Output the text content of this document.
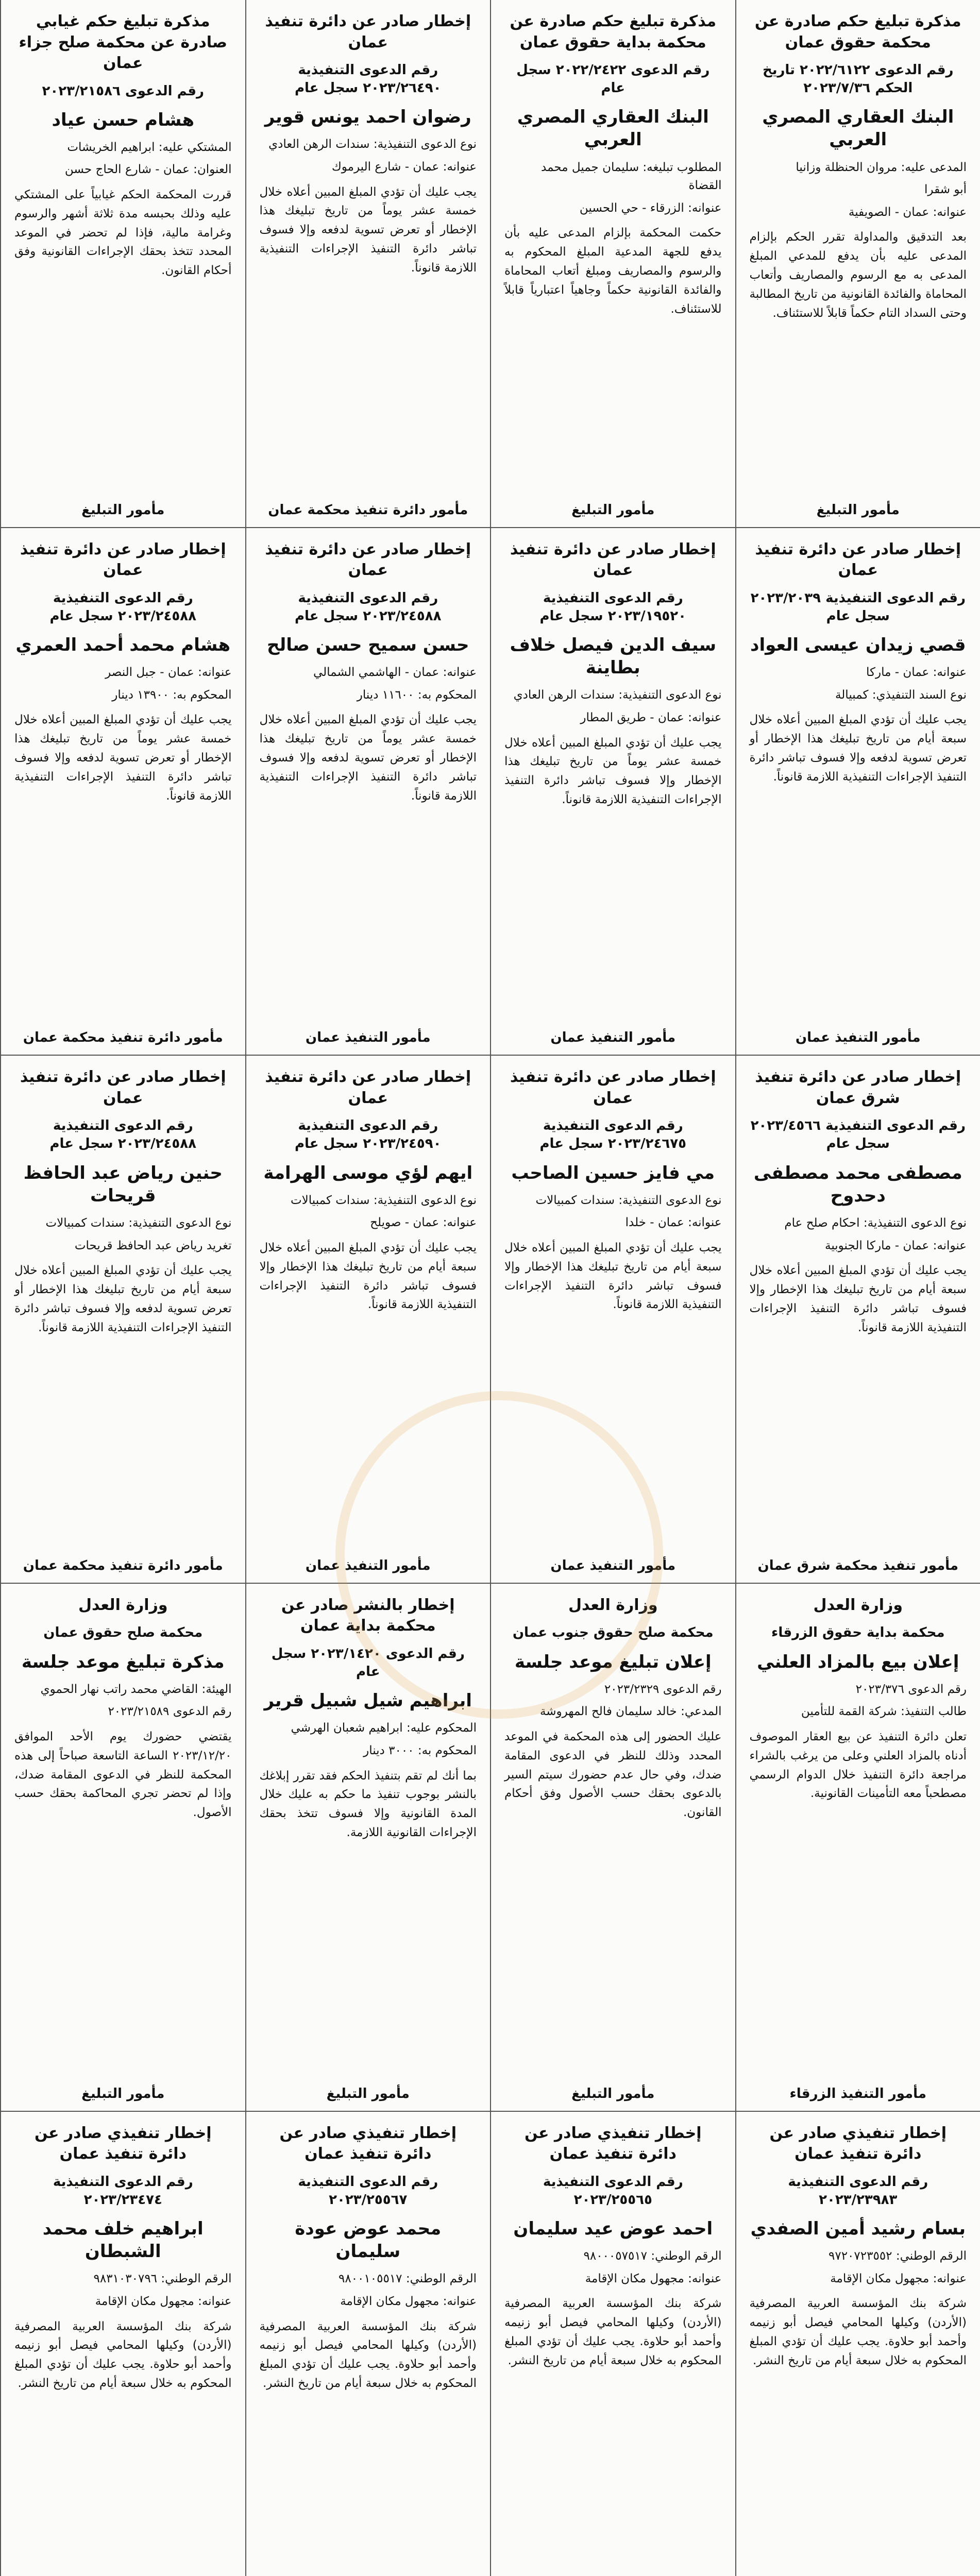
مذكرة تبليغ حكم صادرة عن محكمة حقوق عمان
رقم الدعوى ٢٠٢٢/٦١٢٢ تاريخ الحكم ٢٠٢٣/٧/٣٦
البنك العقاري المصري العربي

المدعى عليه: مروان الحنظلة وزانيا

أبو شقرا

عنوانه: عمان - الصويفية

بعد التدقيق والمداولة تقرر الحكم بإلزام المدعى عليه بأن يدفع للمدعي المبلغ المدعى به مع الرسوم والمصاريف وأتعاب المحاماة والفائدة القانونية من تاريخ المطالبة وحتى السداد التام حكماً قابلاً للاستئناف.
مأمور التبليغ
مذكرة تبليغ حكم صادرة عن محكمة بداية حقوق عمان
رقم الدعوى ٢٠٢٢/٢٤٢٢ سجل عام
البنك العقاري المصري العربي

المطلوب تبليغه: سليمان جميل محمد القضاة

عنوانه: الزرقاء - حي الحسين

حكمت المحكمة بإلزام المدعى عليه بأن يدفع للجهة المدعية المبلغ المحكوم به والرسوم والمصاريف ومبلغ أتعاب المحاماة والفائدة القانونية حكماً وجاهياً اعتبارياً قابلاً للاستئناف.
مأمور التبليغ
إخطار صادر عن دائرة تنفيذ عمان
رقم الدعوى التنفيذية ٢٠٢٣/٢٦٤٩٠ سجل عام
رضوان احمد يونس قوير

نوع الدعوى التنفيذية: سندات الرهن العادي

عنوانه: عمان - شارع اليرموك

يجب عليك أن تؤدي المبلغ المبين أعلاه خلال خمسة عشر يوماً من تاريخ تبليغك هذا الإخطار أو تعرض تسوية لدفعه وإلا فسوف تباشر دائرة التنفيذ الإجراءات التنفيذية اللازمة قانوناً.
مأمور دائرة تنفيذ محكمة عمان
مذكرة تبليغ حكم غيابي صادرة عن محكمة صلح جزاء عمان
رقم الدعوى ٢٠٢٣/٢١٥٨٦
هشام حسن عياد

المشتكي عليه: ابراهيم الخريشات

العنوان: عمان - شارع الحاج حسن

قررت المحكمة الحكم غيابياً على المشتكي عليه وذلك بحبسه مدة ثلاثة أشهر والرسوم وغرامة مالية، فإذا لم تحضر في الموعد المحدد تتخذ بحقك الإجراءات القانونية وفق أحكام القانون.
مأمور التبليغ
إخطار صادر عن دائرة تنفيذ عمان
رقم الدعوى التنفيذية ٢٠٢٣/٢٠٣٩ سجل عام
قصي زيدان عيسى العواد

عنوانه: عمان - ماركا

نوع السند التنفيذي: كمبيالة

يجب عليك أن تؤدي المبلغ المبين أعلاه خلال سبعة أيام من تاريخ تبليغك هذا الإخطار أو تعرض تسوية لدفعه وإلا فسوف تباشر دائرة التنفيذ الإجراءات التنفيذية اللازمة قانوناً.
مأمور التنفيذ عمان
إخطار صادر عن دائرة تنفيذ عمان
رقم الدعوى التنفيذية ٢٠٢٣/١٩٥٢٠ سجل عام
سيف الدين فيصل خلاف بطاينة

نوع الدعوى التنفيذية: سندات الرهن العادي

عنوانه: عمان - طريق المطار

يجب عليك أن تؤدي المبلغ المبين أعلاه خلال خمسة عشر يوماً من تاريخ تبليغك هذا الإخطار وإلا فسوف تباشر دائرة التنفيذ الإجراءات التنفيذية اللازمة قانوناً.
مأمور التنفيذ عمان
إخطار صادر عن دائرة تنفيذ عمان
رقم الدعوى التنفيذية ٢٠٢٣/٢٤٥٨٨ سجل عام
حسن سميح حسن صالح

عنوانه: عمان - الهاشمي الشمالي

المحكوم به: ١١٦٠٠ دينار

يجب عليك أن تؤدي المبلغ المبين أعلاه خلال خمسة عشر يوماً من تاريخ تبليغك هذا الإخطار أو تعرض تسوية لدفعه وإلا فسوف تباشر دائرة التنفيذ الإجراءات التنفيذية اللازمة قانوناً.
مأمور التنفيذ عمان
إخطار صادر عن دائرة تنفيذ عمان
رقم الدعوى التنفيذية ٢٠٢٣/٢٤٥٨٨ سجل عام
هشام محمد أحمد العمري

عنوانه: عمان - جبل النصر

المحكوم به: ١٣٩٠٠ دينار

يجب عليك أن تؤدي المبلغ المبين أعلاه خلال خمسة عشر يوماً من تاريخ تبليغك هذا الإخطار أو تعرض تسوية لدفعه وإلا فسوف تباشر دائرة التنفيذ الإجراءات التنفيذية اللازمة قانوناً.
مأمور دائرة تنفيذ محكمة عمان
إخطار صادر عن دائرة تنفيذ شرق عمان
رقم الدعوى التنفيذية ٢٠٢٣/٤٥٦٦ سجل عام
مصطفى محمد مصطفى دحدوح

نوع الدعوى التنفيذية: احكام صلح عام

عنوانه: عمان - ماركا الجنوبية

يجب عليك أن تؤدي المبلغ المبين أعلاه خلال سبعة أيام من تاريخ تبليغك هذا الإخطار وإلا فسوف تباشر دائرة التنفيذ الإجراءات التنفيذية اللازمة قانوناً.
مأمور تنفيذ محكمة شرق عمان
إخطار صادر عن دائرة تنفيذ عمان
رقم الدعوى التنفيذية ٢٠٢٣/٢٤٦٧٥ سجل عام
مي فايز حسين الصاحب

نوع الدعوى التنفيذية: سندات كمبيالات

عنوانه: عمان - خلدا

يجب عليك أن تؤدي المبلغ المبين أعلاه خلال سبعة أيام من تاريخ تبليغك هذا الإخطار وإلا فسوف تباشر دائرة التنفيذ الإجراءات التنفيذية اللازمة قانوناً.
مأمور التنفيذ عمان
إخطار صادر عن دائرة تنفيذ عمان
رقم الدعوى التنفيذية ٢٠٢٣/٢٤٥٩٠ سجل عام
ايهم لؤي موسى الهرامة

نوع الدعوى التنفيذية: سندات كمبيالات

عنوانه: عمان - صويلح

يجب عليك أن تؤدي المبلغ المبين أعلاه خلال سبعة أيام من تاريخ تبليغك هذا الإخطار وإلا فسوف تباشر دائرة التنفيذ الإجراءات التنفيذية اللازمة قانوناً.
مأمور التنفيذ عمان
إخطار صادر عن دائرة تنفيذ عمان
رقم الدعوى التنفيذية ٢٠٢٣/٢٤٥٨٨ سجل عام
حنين رياض عبد الحافظ قريحات

نوع الدعوى التنفيذية: سندات كمبيالات

تغريد رياض عبد الحافظ قريحات

يجب عليك أن تؤدي المبلغ المبين أعلاه خلال سبعة أيام من تاريخ تبليغك هذا الإخطار أو تعرض تسوية لدفعه وإلا فسوف تباشر دائرة التنفيذ الإجراءات التنفيذية اللازمة قانوناً.
مأمور دائرة تنفيذ محكمة عمان
وزارة العدل
محكمة بداية حقوق الزرقاء
إعلان بيع بالمزاد العلني

رقم الدعوى ٢٠٢٣/٣٧٦

طالب التنفيذ: شركة القمة للتأمين

تعلن دائرة التنفيذ عن بيع العقار الموصوف أدناه بالمزاد العلني وعلى من يرغب بالشراء مراجعة دائرة التنفيذ خلال الدوام الرسمي مصطحباً معه التأمينات القانونية.
مأمور التنفيذ الزرقاء
وزارة العدل
محكمة صلح حقوق جنوب عمان
إعلان تبليغ موعد جلسة

رقم الدعوى ٢٠٢٣/٢٣٢٩

المدعي: خالد سليمان فالح المهروشة

عليك الحضور إلى هذه المحكمة في الموعد المحدد وذلك للنظر في الدعوى المقامة ضدك، وفي حال عدم حضورك سيتم السير بالدعوى بحقك حسب الأصول وفق أحكام القانون.
مأمور التبليغ
إخطار بالنشر صادر عن محكمة بداية عمان
رقم الدعوى ٢٠٢٣/١٤٢٠ سجل عام
ابراهيم شيل شبيل قرير

المحكوم عليه: ابراهيم شعبان الهرشي

المحكوم به: ٣٠٠٠ دينار

بما أنك لم تقم بتنفيذ الحكم فقد تقرر إبلاغك بالنشر بوجوب تنفيذ ما حكم به عليك خلال المدة القانونية وإلا فسوف تتخذ بحقك الإجراءات القانونية اللازمة.
مأمور التبليغ
وزارة العدل
محكمة صلح حقوق عمان
مذكرة تبليغ موعد جلسة

الهيئة: القاضي محمد راتب نهار الحموي

رقم الدعوى ٢٠٢٣/٢١٥٨٩

يقتضي حضورك يوم الأحد الموافق ٢٠٢٣/١٢/٢٠ الساعة التاسعة صباحاً إلى هذه المحكمة للنظر في الدعوى المقامة ضدك، وإذا لم تحضر تجري المحاكمة بحقك حسب الأصول.
مأمور التبليغ
إخطار تنفيذي صادر عن دائرة تنفيذ عمان
رقم الدعوى التنفيذية ٢٠٢٣/٢٣٩٨٣
بسام رشيد أمين الصفدي

الرقم الوطني: ٩٧٢٠٧٢٣٥٥٢

عنوانه: مجهول مكان الإقامة

شركة بنك المؤسسة العربية المصرفية (الأردن) وكيلها المحامي فيصل أبو زنيمه وأحمد أبو حلاوة. يجب عليك أن تؤدي المبلغ المحكوم به خلال سبعة أيام من تاريخ النشر.
إخطار تنفيذي صادر عن دائرة تنفيذ عمان
رقم الدعوى التنفيذية ٢٠٢٣/٢٥٥٦٥
احمد عوض عيد سليمان

الرقم الوطني: ٩٨٠٠٠٥٧٥١٧

عنوانه: مجهول مكان الإقامة

شركة بنك المؤسسة العربية المصرفية (الأردن) وكيلها المحامي فيصل أبو زنيمه وأحمد أبو حلاوة. يجب عليك أن تؤدي المبلغ المحكوم به خلال سبعة أيام من تاريخ النشر.
إخطار تنفيذي صادر عن دائرة تنفيذ عمان
رقم الدعوى التنفيذية ٢٠٢٣/٢٥٥٦٧
محمد عوض عودة سليمان

الرقم الوطني: ٩٨٠٠١٠٥٥١٧

عنوانه: مجهول مكان الإقامة

شركة بنك المؤسسة العربية المصرفية (الأردن) وكيلها المحامي فيصل أبو زنيمه وأحمد أبو حلاوة. يجب عليك أن تؤدي المبلغ المحكوم به خلال سبعة أيام من تاريخ النشر.
إخطار تنفيذي صادر عن دائرة تنفيذ عمان
رقم الدعوى التنفيذية ٢٠٢٣/٢٣٤٧٤
ابراهيم خلف محمد الشبطان

الرقم الوطني: ٩٨٣١٠٣٠٧٩٦

عنوانه: مجهول مكان الإقامة

شركة بنك المؤسسة العربية المصرفية (الأردن) وكيلها المحامي فيصل أبو زنيمه وأحمد أبو حلاوة. يجب عليك أن تؤدي المبلغ المحكوم به خلال سبعة أيام من تاريخ النشر.
